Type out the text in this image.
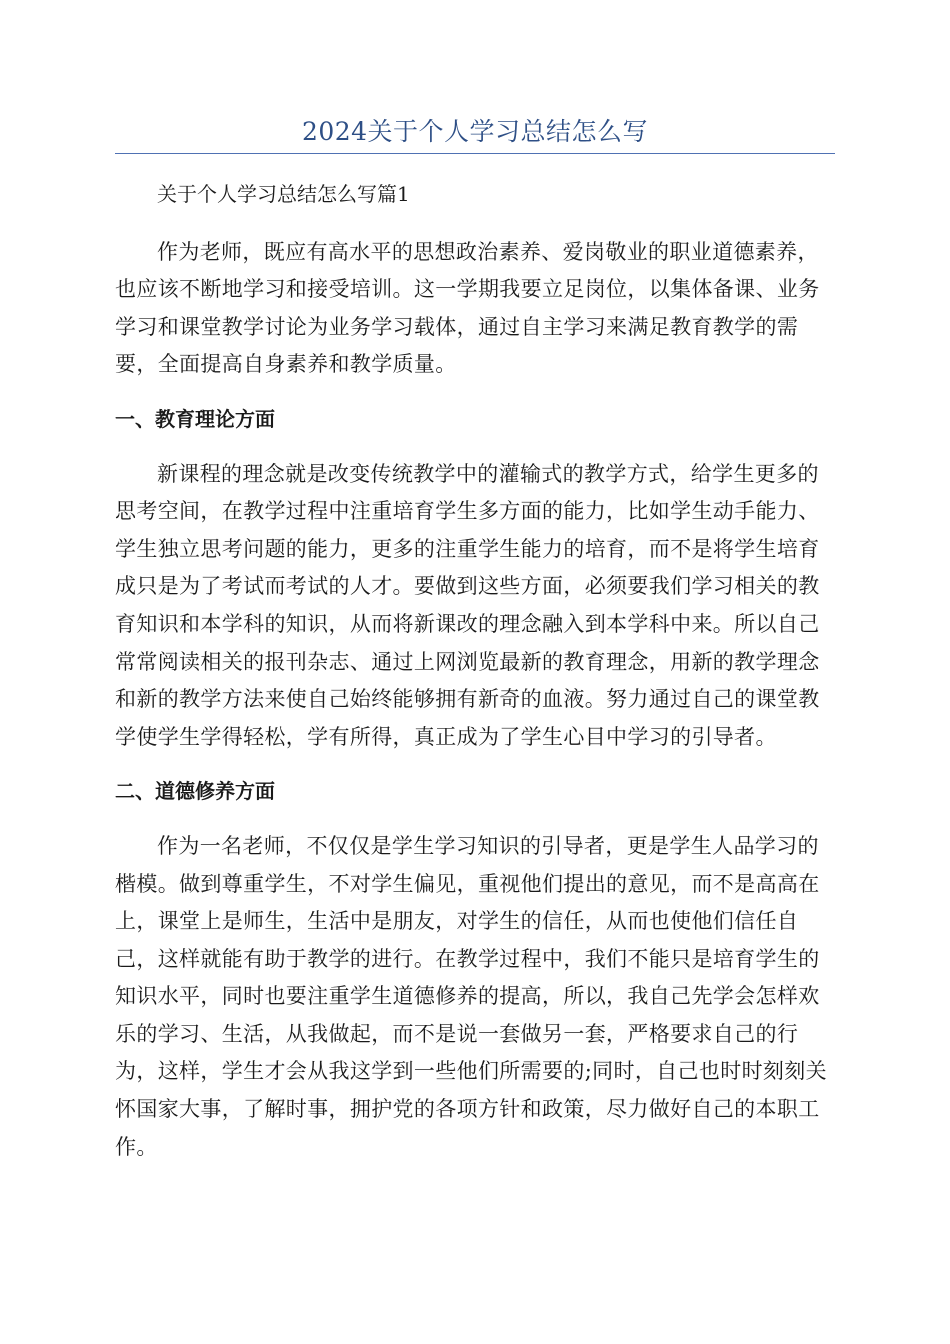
2024关于个人学习总结怎么写

关于个人学习总结怎么写篇1

作为老师，既应有高水平的思想政治素养、爱岗敬业的职业道德素养，也应该不断地学习和接受培训。这一学期我要立足岗位，以集体备课、业务学习和课堂教学讨论为业务学习载体，通过自主学习来满足教育教学的需要，全面提高自身素养和教学质量。

一、教育理论方面

新课程的理念就是改变传统教学中的灌输式的教学方式，给学生更多的思考空间，在教学过程中注重培育学生多方面的能力，比如学生动手能力、学生独立思考问题的能力，更多的注重学生能力的培育，而不是将学生培育成只是为了考试而考试的人才。要做到这些方面，必须要我们学习相关的教育知识和本学科的知识，从而将新课改的理念融入到本学科中来。所以自己常常阅读相关的报刊杂志、通过上网浏览最新的教育理念，用新的教学理念和新的教学方法来使自己始终能够拥有新奇的血液。努力通过自己的课堂教学使学生学得轻松，学有所得，真正成为了学生心目中学习的引导者。

二、道德修养方面

作为一名老师，不仅仅是学生学习知识的引导者，更是学生人品学习的楷模。做到尊重学生，不对学生偏见，重视他们提出的意见，而不是高高在上，课堂上是师生，生活中是朋友，对学生的信任，从而也使他们信任自己，这样就能有助于教学的进行。在教学过程中，我们不能只是培育学生的知识水平，同时也要注重学生道德修养的提高，所以，我自己先学会怎样欢乐的学习、生活，从我做起，而不是说一套做另一套，严格要求自己的行为，这样，学生才会从我这学到一些他们所需要的;同时，自己也时时刻刻关怀国家大事，了解时事，拥护党的各项方针和政策，尽力做好自己的本职工作。
